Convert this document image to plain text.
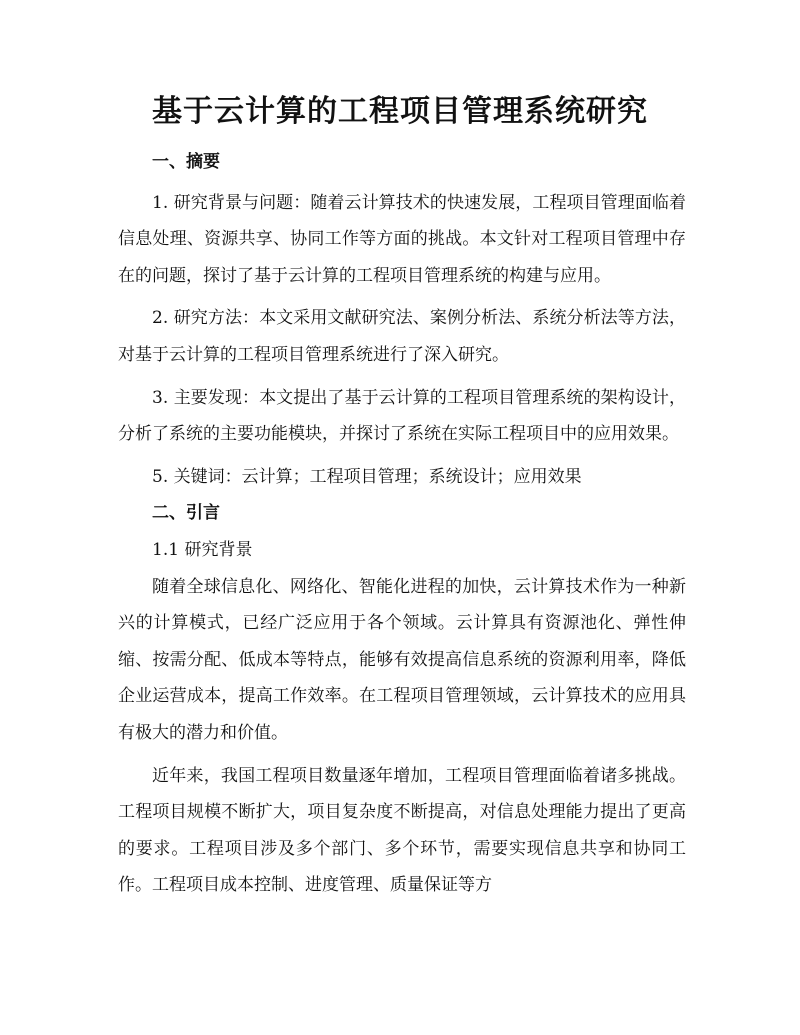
基于云计算的工程项目管理系统研究

一、摘要

1. 研究背景与问题：随着云计算技术的快速发展，工程项目管理面临着信息处理、资源共享、协同工作等方面的挑战。本文针对工程项目管理中存在的问题，探讨了基于云计算的工程项目管理系统的构建与应用。

2. 研究方法：本文采用文献研究法、案例分析法、系统分析法等方法，对基于云计算的工程项目管理系统进行了深入研究。

3. 主要发现：本文提出了基于云计算的工程项目管理系统的架构设计，分析了系统的主要功能模块，并探讨了系统在实际工程项目中的应用效果。

5. 关键词：云计算；工程项目管理；系统设计；应用效果

二、引言

1.1 研究背景

随着全球信息化、网络化、智能化进程的加快，云计算技术作为一种新兴的计算模式，已经广泛应用于各个领域。云计算具有资源池化、弹性伸缩、按需分配、低成本等特点，能够有效提高信息系统的资源利用率，降低企业运营成本，提高工作效率。在工程项目管理领域，云计算技术的应用具有极大的潜力和价值。

近年来，我国工程项目数量逐年增加，工程项目管理面临着诸多挑战。工程项目规模不断扩大，项目复杂度不断提高，对信息处理能力提出了更高的要求。工程项目涉及多个部门、多个环节，需要实现信息共享和协同工作。工程项目成本控制、进度管理、质量保证等方
